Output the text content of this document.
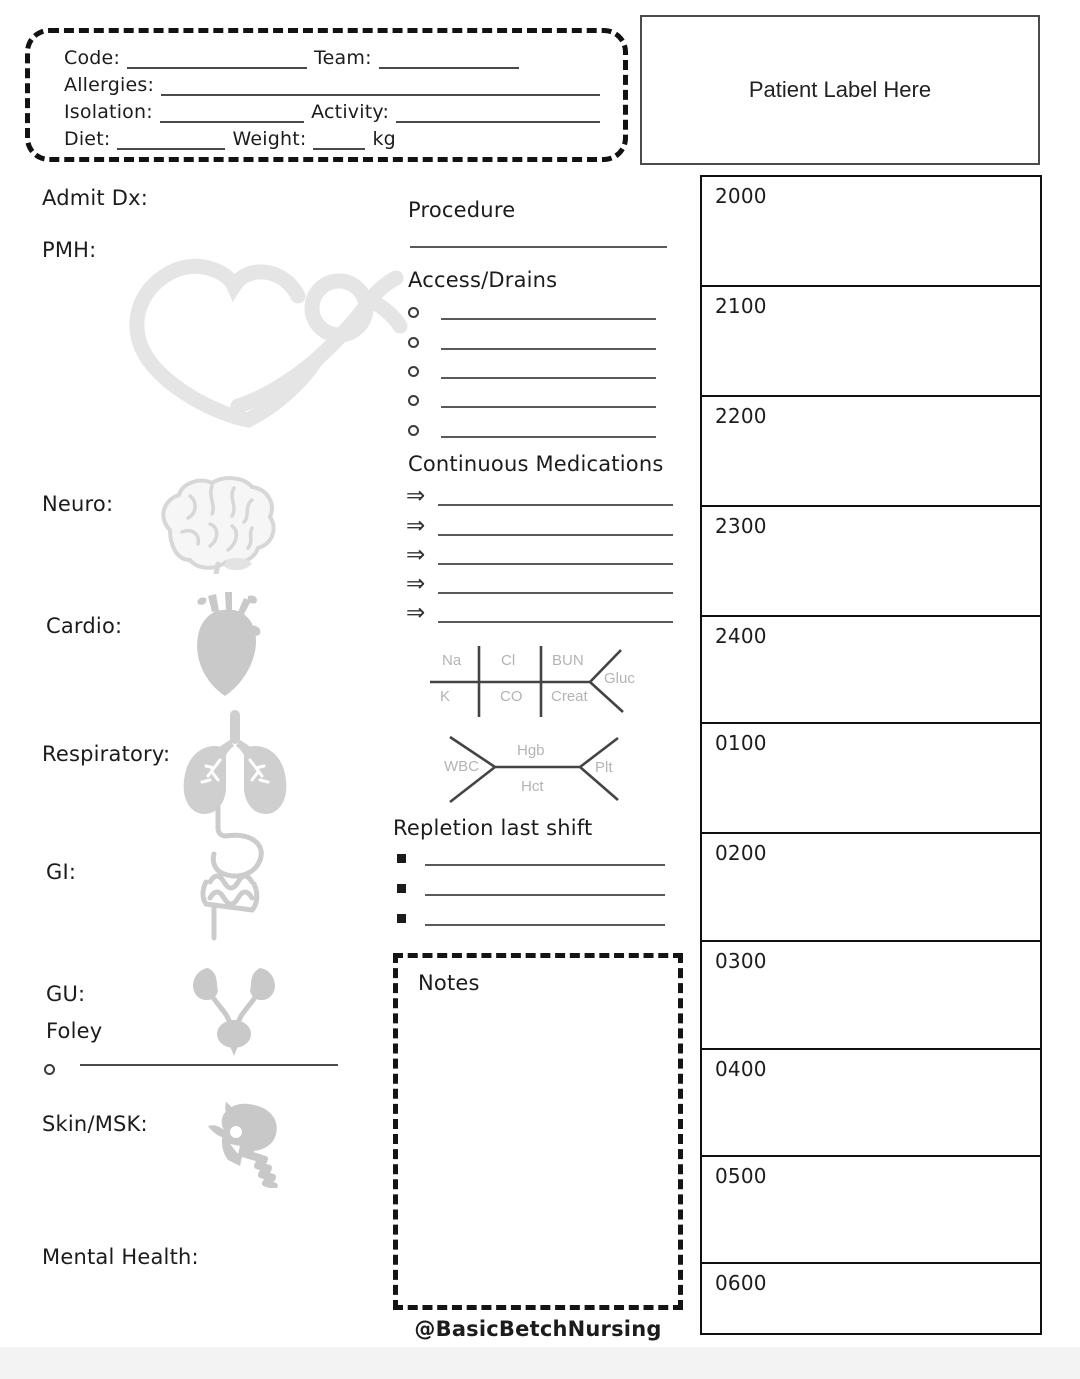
Code:	Team:
Allergies:
Isolation:	Activity:
Diet:	Weight:	kg
Patient Label Here
Admit Dx:
PMH:
Neuro:
Cardio:
Respiratory:
GI:
GU:
Foley
Skin/MSK:
Mental Health:
Procedure
Access/Drains
Continuous Medications
⇒
⇒
⇒
⇒
⇒
Na
K
Cl
CO
BUN
Creat
Gluc
WBC
Hgb
Hct
Plt
Repletion last shift
Notes
@BasicBetchNursing
2000
2100
2200
2300
2400
0100
0200
0300
0400
0500
0600
